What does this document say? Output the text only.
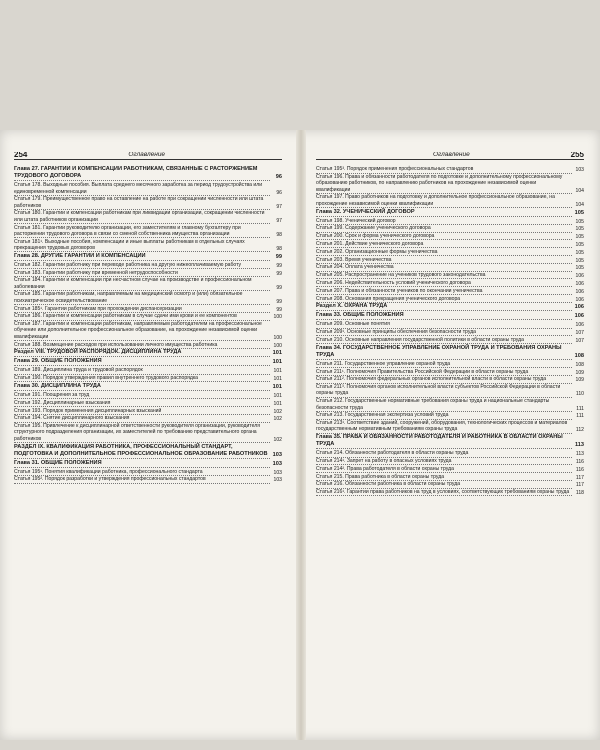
254	Оглавление
Глава 27. ГАРАНТИИ И КОМПЕНСАЦИИ РАБОТНИКАМ, СВЯЗАННЫЕ С РАСТОРЖЕНИЕМ ТРУДОВОГО ДОГОВОРА	96
Статья 178. Выходные пособия. Выплата среднего месячного заработка за период трудоустройства или единовременной компенсации	96
Статья 179. Преимущественное право на оставление на работе при сокращении численности или штата работников	97
Статья 180. Гарантии и компенсации работникам при ликвидации организации, сокращении численности или штата работников организации	97
Статья 181. Гарантии руководителю организации, его заместителям и главному бухгалтеру при расторжении трудового договора в связи со сменой собственника имущества организации	98
Статья 181¹. Выходные пособия, компенсации и иные выплаты работникам в отдельных случаях прекращения трудовых договоров	98
Глава 28. ДРУГИЕ ГАРАНТИИ И КОМПЕНСАЦИИ	99
Статья 182. Гарантии работнику при переводе работника на другую нижеоплачиваемую работу	99
Статья 183. Гарантии работнику при временной нетрудоспособности	99
Статья 184. Гарантии и компенсации при несчастном случае на производстве и профессиональном заболевании	99
Статья 185. Гарантии работникам, направляемым на медицинский осмотр и (или) обязательное психиатрическое освидетельствование	99
Статья 185¹. Гарантии работникам при прохождении диспансеризации	99
Статья 186. Гарантии и компенсации работникам в случае сдачи ими крови и ее компонентов	100
Статья 187. Гарантии и компенсации работникам, направляемым работодателем на профессиональное обучение или дополнительное профессиональное образование, на прохождение независимой оценки квалификации	100
Статья 188. Возмещение расходов при использовании личного имущества работника	100
Раздел VIII. ТРУДОВОЙ РАСПОРЯДОК. ДИСЦИПЛИНА ТРУДА	101
Глава 29. ОБЩИЕ ПОЛОЖЕНИЯ	101
Статья 189. Дисциплина труда и трудовой распорядок	101
Статья 190. Порядок утверждения правил внутреннего трудового распорядка	101
Глава 30. ДИСЦИПЛИНА ТРУДА	101
Статья 191. Поощрения за труд	101
Статья 192. Дисциплинарные взыскания	101
Статья 193. Порядок применения дисциплинарных взысканий	102
Статья 194. Снятие дисциплинарного взыскания	102
Статья 195. Привлечение к дисциплинарной ответственности руководителя организации, руководителя структурного подразделения организации, их заместителей по требованию представительного органа работников	102
РАЗДЕЛ IX. КВАЛИФИКАЦИЯ РАБОТНИКА, ПРОФЕССИОНАЛЬНЫЙ СТАНДАРТ, ПОДГОТОВКА И ДОПОЛНИТЕЛЬНОЕ ПРОФЕССИОНАЛЬНОЕ ОБРАЗОВАНИЕ РАБОТНИКОВ 103
Глава 31. ОБЩИЕ ПОЛОЖЕНИЯ	103
Статья 195¹. Понятия квалификации работника, профессионального стандарта	103
Статья 195². Порядок разработки и утверждения профессиональных стандартов	103
Оглавление	255
Статья 195³. Порядок применения профессиональных стандартов	103
Статья 196. Права и обязанности работодателя по подготовке и дополнительному профессиональному образованию работников, по направлению работников на прохождение независимой оценки квалификации	104
Статья 197. Право работников на подготовку и дополнительное профессиональное образование, на прохождение независимой оценки квалификации	104
Глава 32. УЧЕНИЧЕСКИЙ ДОГОВОР	105
Статья 198. Ученический договор	105
Статья 199. Содержание ученического договора	105
Статья 200. Срок и форма ученического договора	105
Статья 201. Действие ученического договора	105
Статья 202. Организационные формы ученичества	105
Статья 203. Время ученичества	105
Статья 204. Оплата ученичества	105
Статья 205. Распространение на учеников трудового законодательства	106
Статья 206. Недействительность условий ученического договора	106
Статья 207. Права и обязанности учеников по окончании ученичества	106
Статья 208. Основания прекращения ученического договора	106
Раздел X. ОХРАНА ТРУДА	106
Глава 33. ОБЩИЕ ПОЛОЖЕНИЯ	106
Статья 209. Основные понятия	106
Статья 209¹. Основные принципы обеспечения безопасности труда	107
Статья 210. Основные направления государственной политики в области охраны труда	107
Глава 34. ГОСУДАРСТВЕННОЕ УПРАВЛЕНИЕ ОХРАНОЙ ТРУДА И ТРЕБОВАНИЯ ОХРАНЫ ТРУДА	108
Статья 211. Государственное управление охраной труда	108
Статья 211¹. Полномочия Правительства Российской Федерации в области охраны труда	109
Статья 211². Полномочия федеральных органов исполнительной власти в области охраны труда	109
Статья 211³. Полномочия органов исполнительной власти субъектов Российской Федерации в области охраны труда	110
Статья 212. Государственные нормативные требования охраны труда и национальные стандарты безопасности труда	111
Статья 213. Государственная экспертиза условий труда	111
Статья 213¹. Соответствие зданий, сооружений, оборудования, технологических процессов и материалов государственным нормативным требованиям охраны труда	112
Глава 35. ПРАВА И ОБЯЗАННОСТИ РАБОТОДАТЕЛЯ И РАБОТНИКА В ОБЛАСТИ ОХРАНЫ ТРУДА	113
Статья 214. Обязанности работодателя в области охраны труда	113
Статья 214¹. Запрет на работу в опасных условиях труда	116
Статья 214². Права работодателя в области охраны труда	116
Статья 215. Права работника в области охраны труда	117
Статья 216. Обязанности работника в области охраны труда	117
Статья 216¹. Гарантии права работников на труд в условиях, соответствующих требованиям охраны труда	118
